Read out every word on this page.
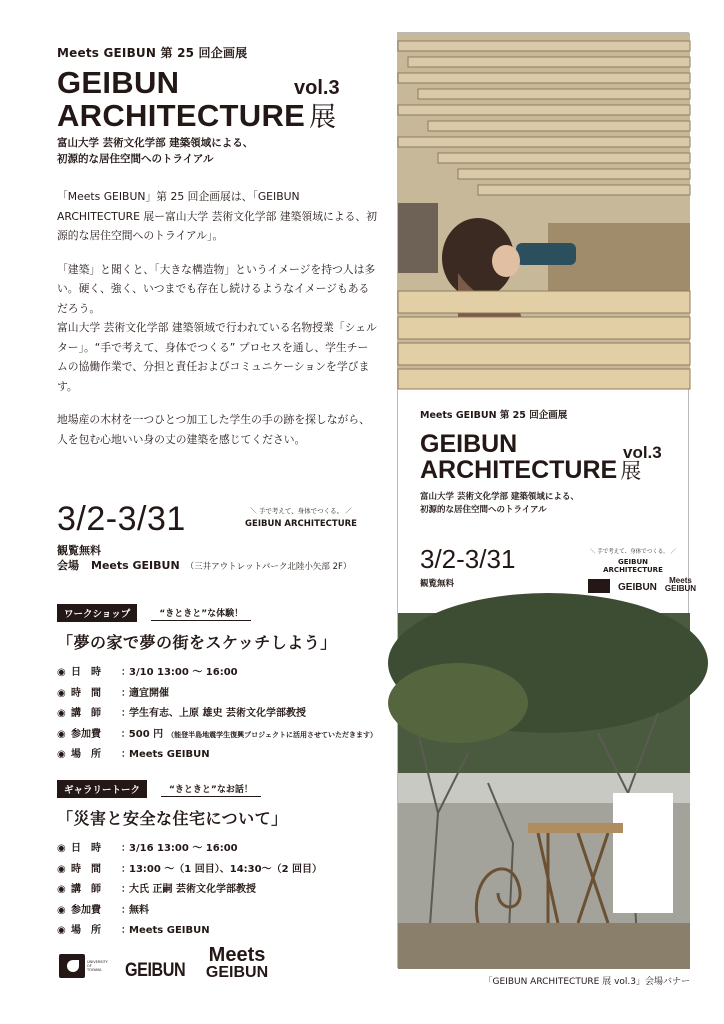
Meets GEIBUN 第 25 回企画展
GEIBUN	vol.3
ARCHITECTURE 展
富山大学 芸術文化学部 建築領域による、
初源的な居住空間へのトライアル

「Meets GEIBUN」第 25 回企画展は、「GEIBUN ARCHITECTURE 展ー富山大学 芸術文化学部 建築領域による、初源的な居住空間へのトライアル」。

「建築」と聞くと、「大きな構造物」というイメージを持つ人は多い。硬く、強く、いつまでも存在し続けるようなイメージもあるだろう。
富山大学 芸術文化学部 建築領域で行われている名物授業「シェルター」。“手で考えて、身体でつくる” プロセスを通し、学生チームの協働作業で、分担と責任およびコミュニケーションを学びます。

地場産の木材を一つひとつ加工した学生の手の跡を探しながら、人を包む心地いい身の丈の建築を感じてください。

3/2-3/31	＼ 手で考えて、身体でつくる。 ／
GEIBUN ARCHITECTURE
観覧無料
会場 Meets GEIBUN （三井アウトレットパーク北陸小矢部 2F）
ワークショップ	“きときと”な体験！
「夢の家で夢の街をスケッチしよう」
◉ 日　時	：
3/10 13:00 ～ 16:00
◉ 時　間	：
適宜開催
◉ 講　師	：
学生有志、上原 雄史 芸術文化学部教授
◉ 参加費	：
500 円 （能登半島地震学生復興プロジェクトに活用させていただきます）
◉ 場　所	：
Meets GEIBUN
ギャラリートーク	“きときと”なお話！
「災害と安全な住宅について」
◉ 日　時	：
3/16 13:00 ～ 16:00
◉ 時　間	：
13:00 ～（1 回目）、14:30～（2 回目）
◉ 講　師	：
大氏 正嗣 芸術文化学部教授
◉ 参加費	：
無料
◉ 場　所	：
Meets GEIBUN
UNIVERSITY OF TOYAMA GEIBUN
Meets
GEIBUN
Meets GEIBUN 第 25 回企画展
GEIBUN	vol.3
ARCHITECTURE 展
富山大学 芸術文化学部 建築領域による、
初源的な居住空間へのトライアル
3/2-3/31
観覧無料
＼ 手で考えて、身体でつくる。 ／
GEIBUN ARCHITECTURE
GEIBUN
Meets
GEIBUN
「GEIBUN ARCHITECTURE 展 vol.3」会場バナー
